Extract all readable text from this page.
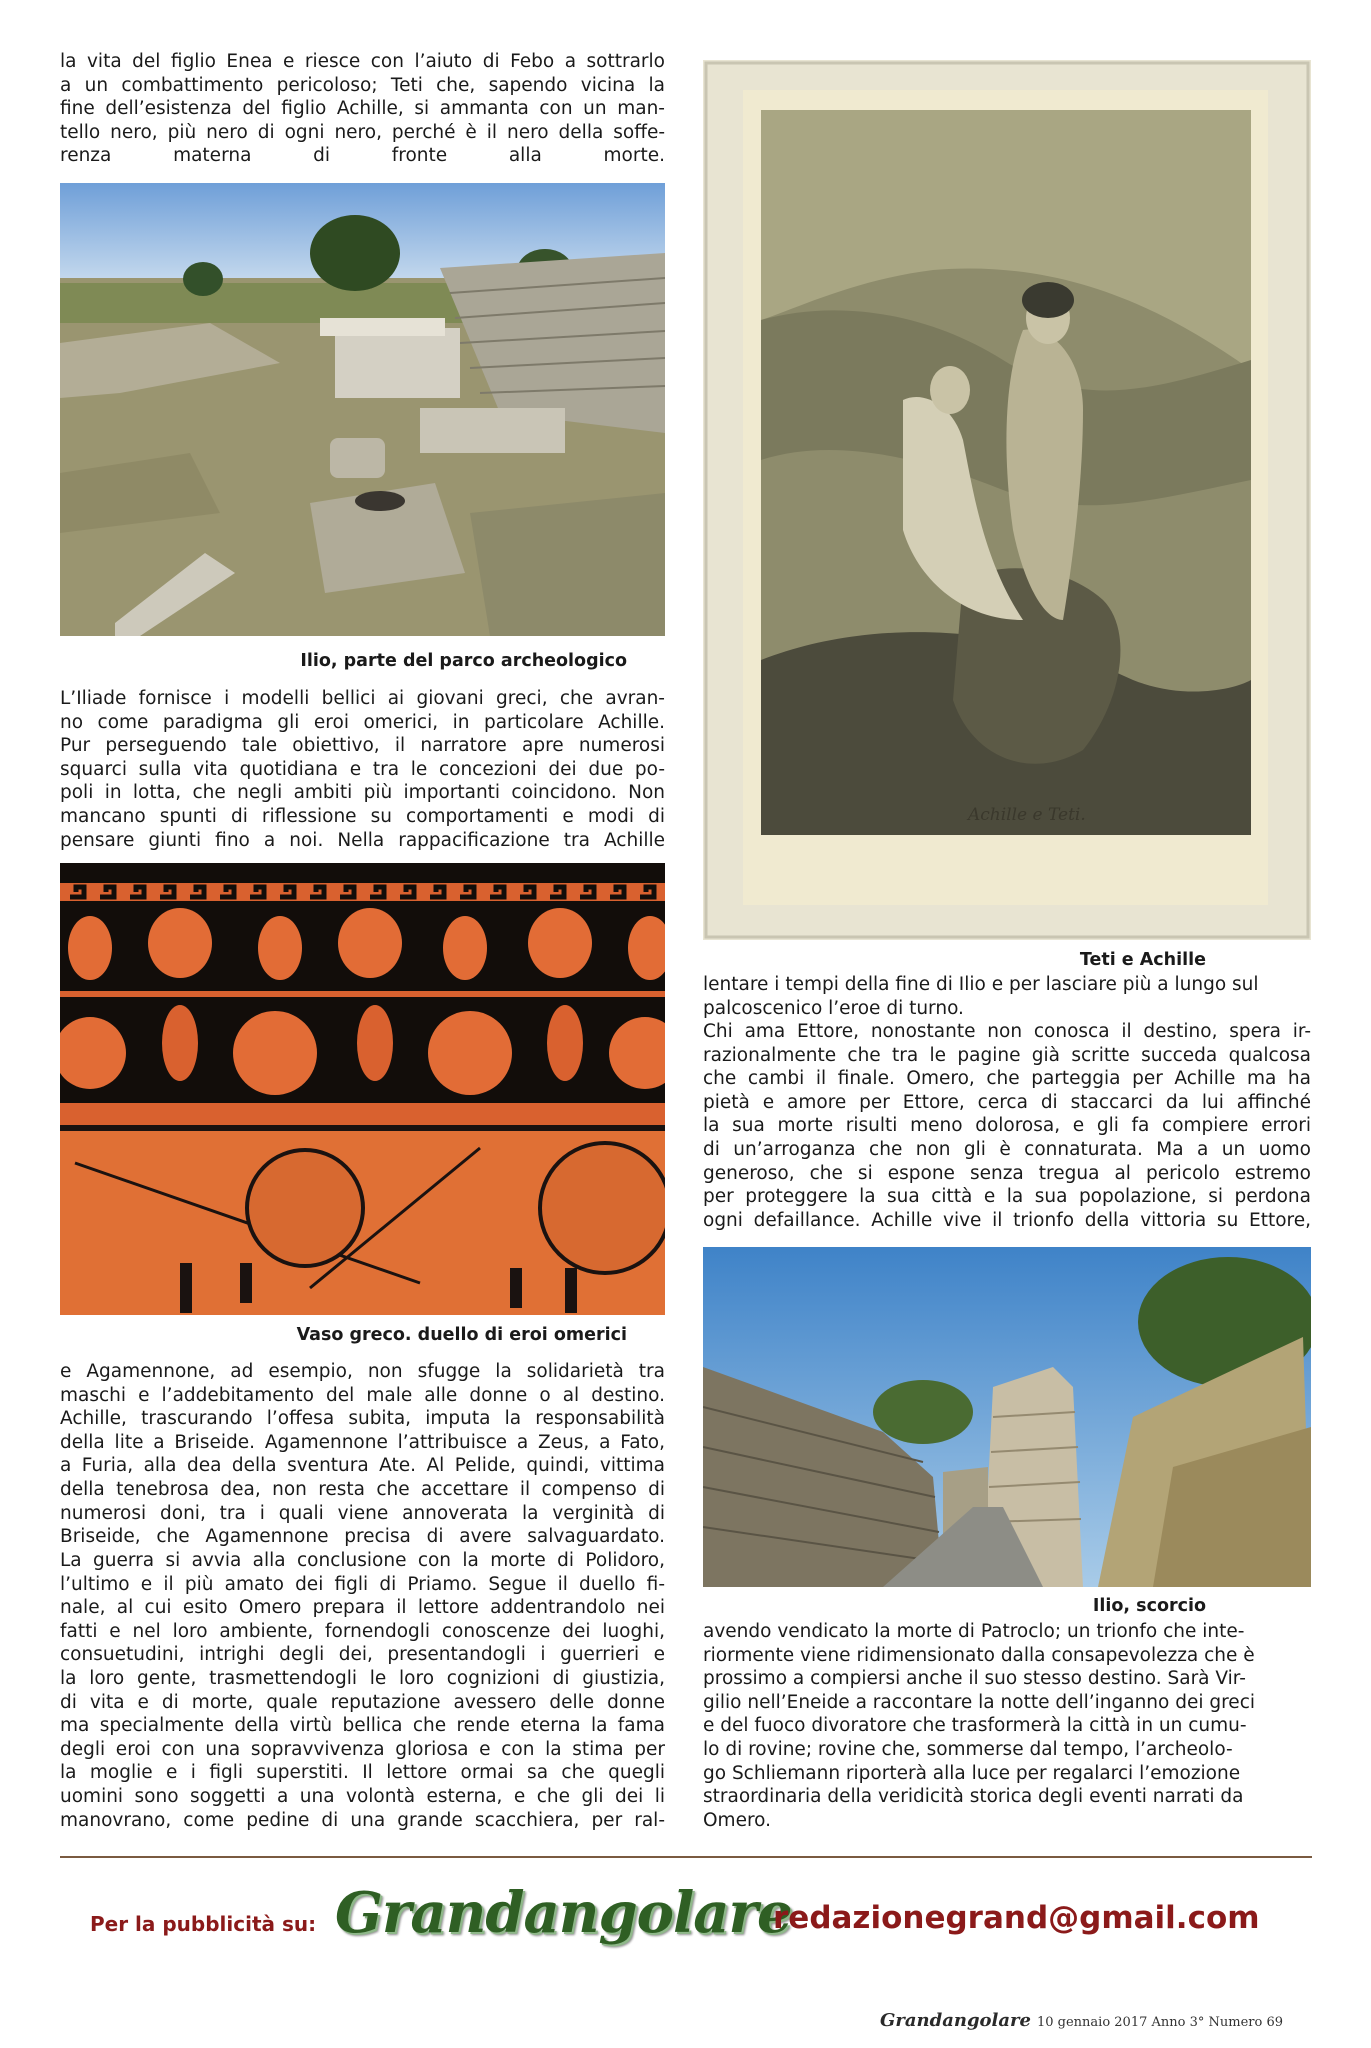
la vita del figlio Enea e riesce con l’aiuto di Febo a sottrarlo
a un combattimento pericoloso; Teti che, sapendo vicina la
fine dell’esistenza del figlio Achille, si ammanta con un man-
tello nero, più nero di ogni nero, perché è il nero della soffe-
renza materna di fronte alla morte.

Ilio, parte del parco archeologico

L’Iliade fornisce i modelli bellici ai giovani greci, che avran-
no come paradigma gli eroi omerici, in particolare Achille.
Pur perseguendo tale obiettivo, il narratore apre numerosi
squarci sulla vita quotidiana e tra le concezioni dei due po-
poli in lotta, che negli ambiti più importanti coincidono. Non
mancano spunti di riflessione su comportamenti e modi di
pensare giunti fino a noi. Nella rappacificazione tra Achille

Vaso greco. duello di eroi omerici

e Agamennone, ad esempio, non sfugge la solidarietà tra
maschi e l’addebitamento del male alle donne o al destino.
Achille, trascurando l’offesa subita, imputa la responsabilità
della lite a Briseide. Agamennone l’attribuisce a Zeus, a Fato,
a Furia, alla dea della sventura Ate. Al Pelide, quindi, vittima
della tenebrosa dea, non resta che accettare il compenso di
numerosi doni, tra i quali viene annoverata la verginità di
Briseide, che Agamennone precisa di avere salvaguardato.

La guerra si avvia alla conclusione con la morte di Polidoro,
l’ultimo e il più amato dei figli di Priamo. Segue il duello fi-
nale, al cui esito Omero prepara il lettore addentrandolo nei
fatti e nel loro ambiente, fornendogli conoscenze dei luoghi,
consuetudini, intrighi degli dei, presentandogli i guerrieri e
la loro gente, trasmettendogli le loro cognizioni di giustizia,
di vita e di morte, quale reputazione avessero delle donne
ma specialmente della virtù bellica che rende eterna la fama
degli eroi con una sopravvivenza gloriosa e con la stima per
la moglie e i figli superstiti. Il lettore ormai sa che quegli
uomini sono soggetti a una volontà esterna, e che gli dei li
manovrano, come pedine di una grande scacchiera, per ral-

Achille e Teti.

Teti e Achille

lentare i tempi della fine di Ilio e per lasciare più a lungo sul
palcoscenico l’eroe di turno.

Chi ama Ettore, nonostante non conosca il destino, spera ir-
razionalmente che tra le pagine già scritte succeda qualcosa
che cambi il finale. Omero, che parteggia per Achille ma ha
pietà e amore per Ettore, cerca di staccarci da lui affinché
la sua morte risulti meno dolorosa, e gli fa compiere errori
di un’arroganza che non gli è connaturata. Ma a un uomo
generoso, che si espone senza tregua al pericolo estremo
per proteggere la sua città e la sua popolazione, si perdona
ogni defaillance. Achille vive il trionfo della vittoria su Ettore,

Ilio, scorcio

avendo vendicato la morte di Patroclo; un trionfo che inte-
riormente viene ridimensionato dalla consapevolezza che è
prossimo a compiersi anche il suo stesso destino. Sarà Vir-
gilio nell’Eneide a raccontare la notte dell’inganno dei greci
e del fuoco divoratore che trasformerà la città in un cumu-
lo di rovine; rovine che, sommerse dal tempo, l’archeolo-
go Schliemann riporterà alla luce per regalarci l’emozione
straordinaria della veridicità storica degli eventi narrati da
Omero.

Per la pubblicità su: Grandangolare
redazionegrand@gmail.com
Grandangolare 10 gennaio 2017 Anno 3° Numero 69
